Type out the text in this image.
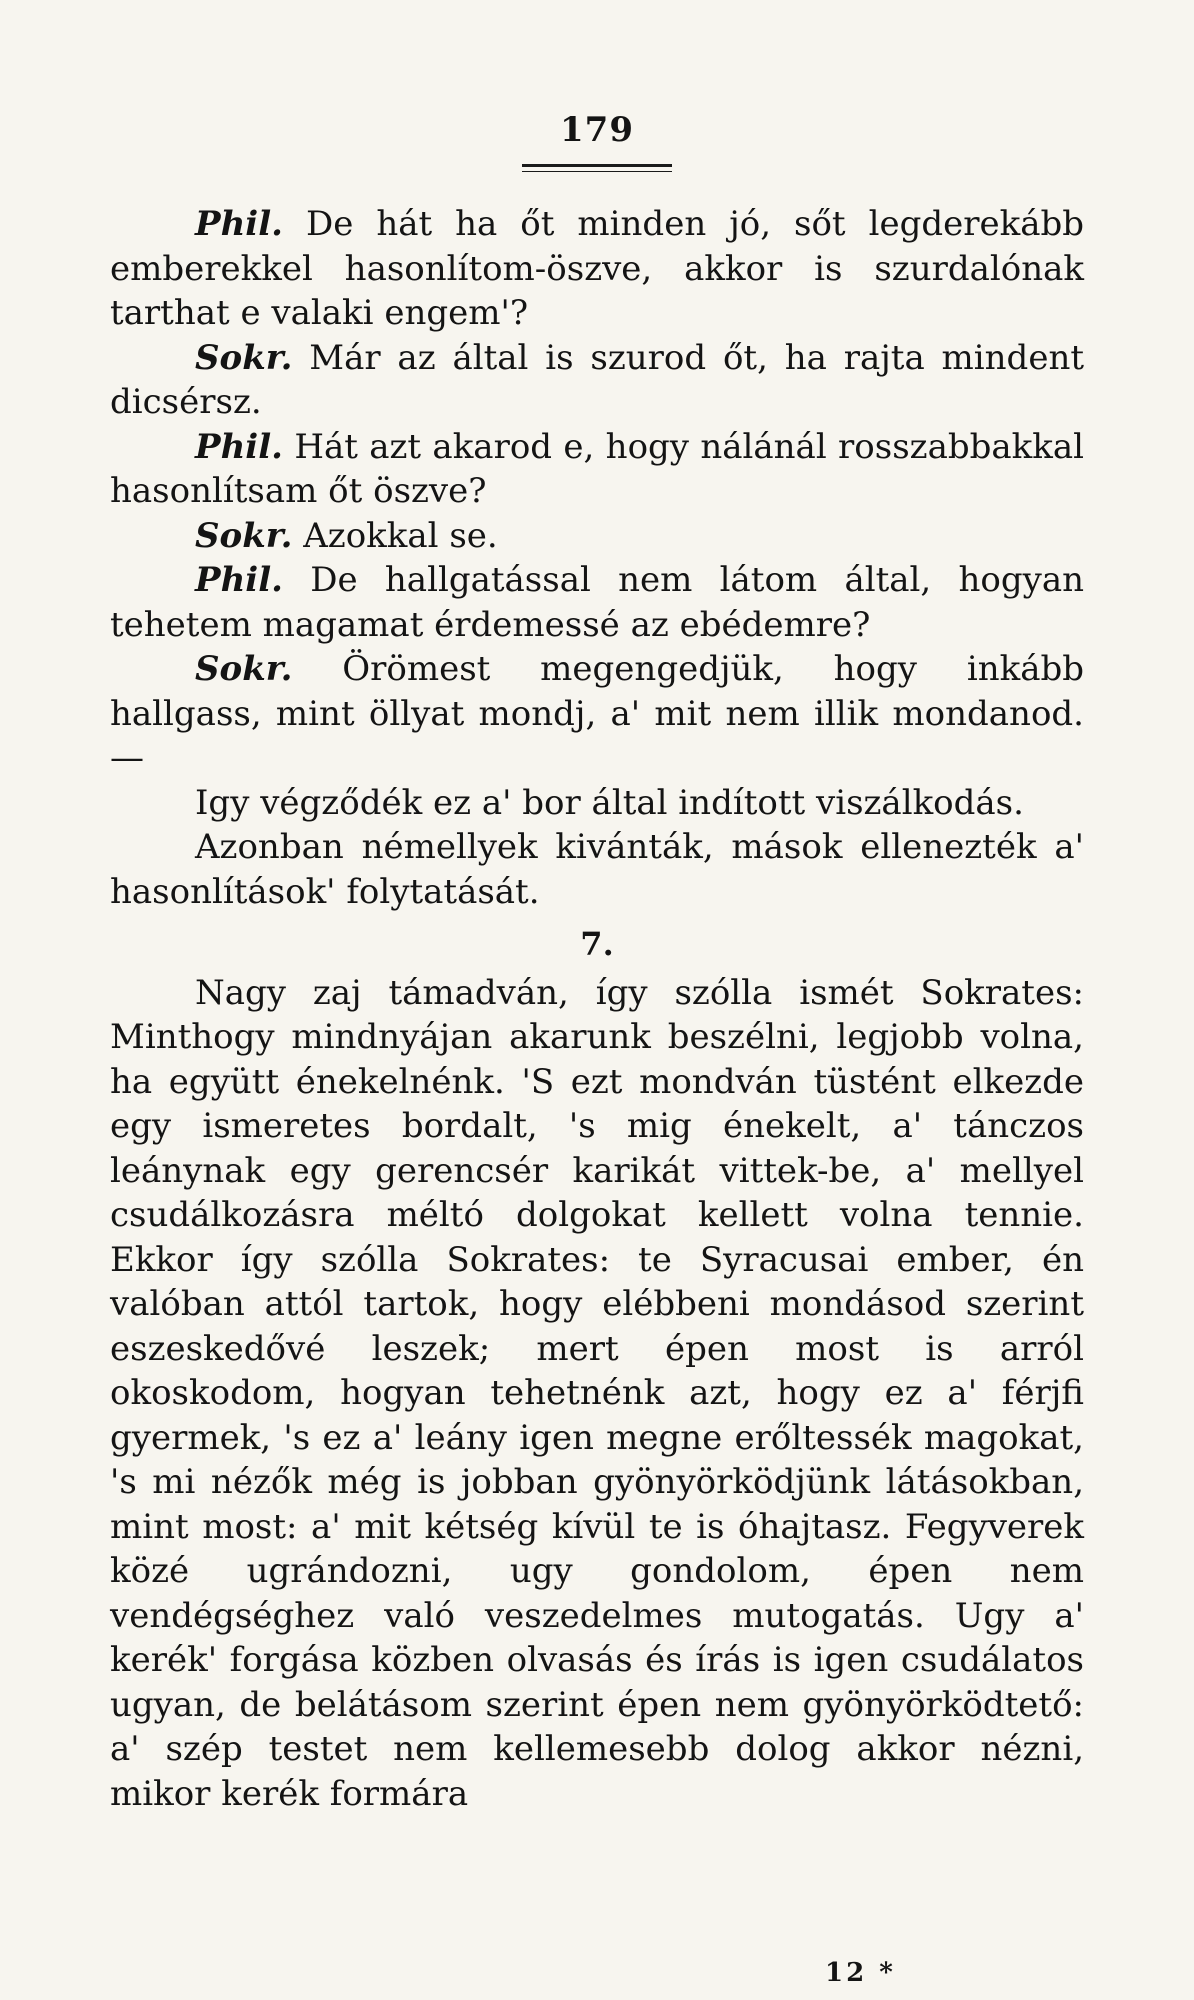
179

Phil. De hát ha őt minden jó, sőt legderekább emberekkel hasonlítom-öszve, akkor is szurdalónak tarthat e valaki engem'?

Sokr. Már az által is szurod őt, ha rajta mindent dicsérsz.

Phil. Hát azt akarod e, hogy nálánál rosszabbakkal hasonlítsam őt öszve?

Sokr. Azokkal se.

Phil. De hallgatással nem látom által, hogyan tehetem magamat érdemessé az ebédemre?

Sokr. Örömest megengedjük, hogy inkább hallgass, mint öllyat mondj, a' mit nem illik mondanod. —

Igy végződék ez a' bor által indított viszálkodás.

Azonban némellyek kivánták, mások ellenezték a' hasonlítások' folytatását.

7.

Nagy zaj támadván, így szólla ismét Sokrates: Minthogy mindnyájan akarunk beszélni, legjobb volna, ha együtt énekelnénk. 'S ezt mondván tüstént elkezde egy ismeretes bordalt, 's mig énekelt, a' tánczos leánynak egy gerencsér karikát vittek-be, a' mellyel csudálkozásra méltó dolgokat kellett volna tennie. Ekkor így szólla Sokrates: te Syracusai ember, én valóban attól tartok, hogy elébbeni mondásod szerint eszeskedővé leszek; mert épen most is arról okoskodom, hogyan tehetnénk azt, hogy ez a' férjfi gyermek, 's ez a' leány igen megne erőltessék magokat, 's mi nézők még is jobban gyönyörködjünk látásokban, mint most: a' mit kétség kívül te is óhajtasz. Fegyverek közé ugrándozni, ugy gondolom, épen nem vendégséghez való veszedelmes mutogatás. Ugy a' kerék' forgása közben olvasás és írás is igen csudálatos ugyan, de belátásom szerint épen nem gyönyörködtető: a' szép testet nem kellemesebb dolog akkor nézni, mikor kerék formára

12 *
